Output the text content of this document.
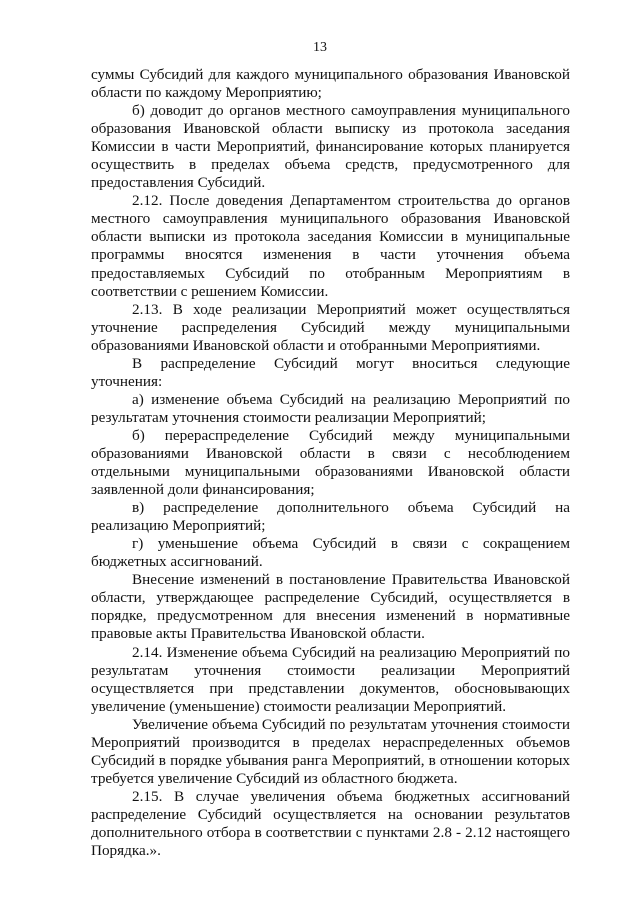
13

суммы Субсидий для каждого муниципального образования Ивановской области по каждому Мероприятию;

б) доводит до органов местного самоуправления муниципального образования Ивановской области выписку из протокола заседания Комиссии в части Мероприятий, финансирование которых планируется осуществить в пределах объема средств, предусмотренного для предоставления Субсидий.

2.12. После доведения Департаментом строительства до органов местного самоуправления муниципального образования Ивановской области выписки из протокола заседания Комиссии в муниципальные программы вносятся изменения в части уточнения объема предоставляемых Субсидий по отобранным Мероприятиям в соответствии с решением Комиссии.

2.13. В ходе реализации Мероприятий может осуществляться уточнение распределения Субсидий между муниципальными образованиями Ивановской области и отобранными Мероприятиями.

В распределение Субсидий могут вноситься следующие уточнения:

а) изменение объема Субсидий на реализацию Мероприятий по результатам уточнения стоимости реализации Мероприятий;

б) перераспределение Субсидий между муниципальными образованиями Ивановской области в связи с несоблюдением отдельными муниципальными образованиями Ивановской области заявленной доли финансирования;

в) распределение дополнительного объема Субсидий на реализацию Мероприятий;

г) уменьшение объема Субсидий в связи с сокращением бюджетных ассигнований.

Внесение изменений в постановление Правительства Ивановской области, утверждающее распределение Субсидий, осуществляется в порядке, предусмотренном для внесения изменений в нормативные правовые акты Правительства Ивановской области.

2.14. Изменение объема Субсидий на реализацию Мероприятий по результатам уточнения стоимости реализации Мероприятий осуществляется при представлении документов, обосновывающих увеличение (уменьшение) стоимости реализации Мероприятий.

Увеличение объема Субсидий по результатам уточнения стоимости Мероприятий производится в пределах нераспределенных объемов Субсидий в порядке убывания ранга Мероприятий, в отношении которых требуется увеличение Субсидий из областного бюджета.

2.15. В случае увеличения объема бюджетных ассигнований распределение Субсидий осуществляется на основании результатов дополнительного отбора в соответствии с пунктами 2.8 - 2.12 настоящего Порядка.».
